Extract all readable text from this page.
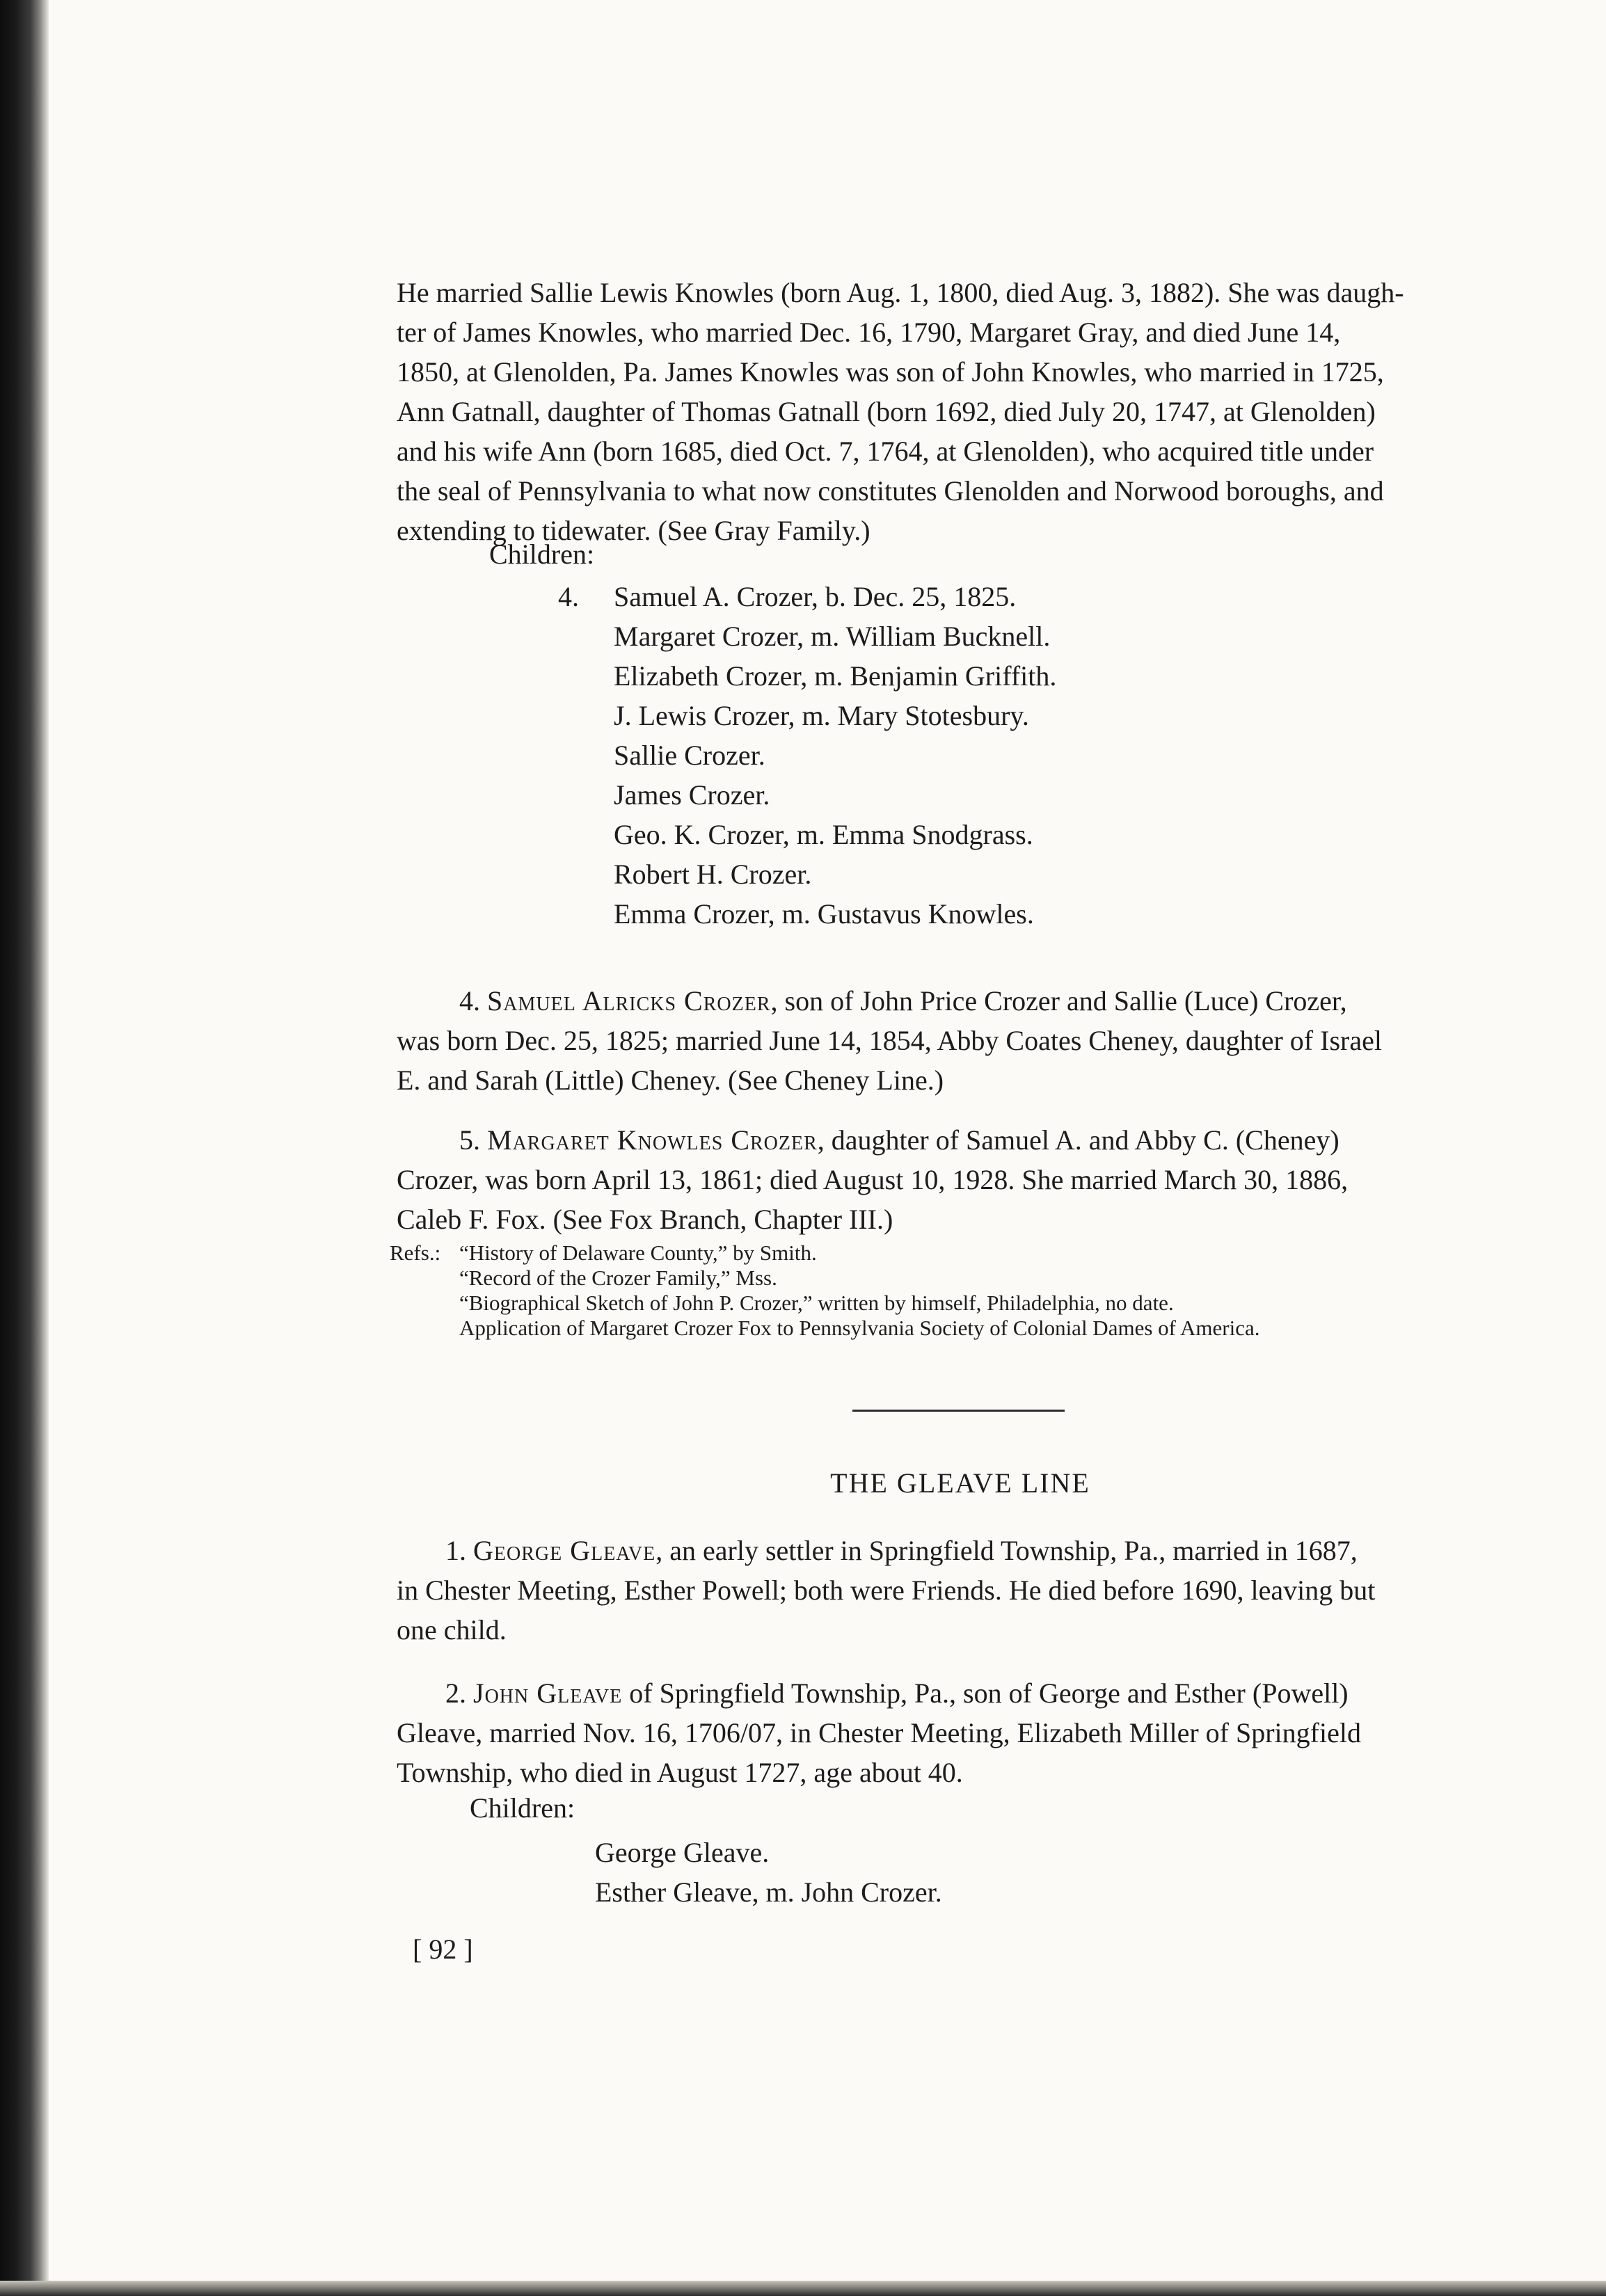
He married Sallie Lewis Knowles (born Aug. 1, 1800, died Aug. 3, 1882). She was daugh-
ter of James Knowles, who married Dec. 16, 1790, Margaret Gray, and died June 14,
1850, at Glenolden, Pa. James Knowles was son of John Knowles, who married in 1725,
Ann Gatnall, daughter of Thomas Gatnall (born 1692, died July 20, 1747, at Glenolden)
and his wife Ann (born 1685, died Oct. 7, 1764, at Glenolden), who acquired title under
the seal of Pennsylvania to what now constitutes Glenolden and Norwood boroughs, and
extending to tidewater. (See Gray Family.)
Children:
4. Samuel A. Crozer, b. Dec. 25, 1825.
Margaret Crozer, m. William Bucknell.
Elizabeth Crozer, m. Benjamin Griffith.
J. Lewis Crozer, m. Mary Stotesbury.
Sallie Crozer.
James Crozer.
Geo. K. Crozer, m. Emma Snodgrass.
Robert H. Crozer.
Emma Crozer, m. Gustavus Knowles.
4. Samuel Alricks Crozer, son of John Price Crozer and Sallie (Luce) Crozer,
was born Dec. 25, 1825; married June 14, 1854, Abby Coates Cheney, daughter of Israel
E. and Sarah (Little) Cheney. (See Cheney Line.)
5. Margaret Knowles Crozer, daughter of Samuel A. and Abby C. (Cheney)
Crozer, was born April 13, 1861; died August 10, 1928. She married March 30, 1886,
Caleb F. Fox. (See Fox Branch, Chapter III.)
Refs.: “History of Delaware County,” by Smith.
“Record of the Crozer Family,” Mss.
“Biographical Sketch of John P. Crozer,” written by himself, Philadelphia, no date.
Application of Margaret Crozer Fox to Pennsylvania Society of Colonial Dames of America.
THE GLEAVE LINE
1. George Gleave, an early settler in Springfield Township, Pa., married in 1687,
in Chester Meeting, Esther Powell; both were Friends. He died before 1690, leaving but
one child.
2. John Gleave of Springfield Township, Pa., son of George and Esther (Powell)
Gleave, married Nov. 16, 1706/07, in Chester Meeting, Elizabeth Miller of Springfield
Township, who died in August 1727, age about 40.
Children:
George Gleave.
Esther Gleave, m. John Crozer.
[ 92 ]
